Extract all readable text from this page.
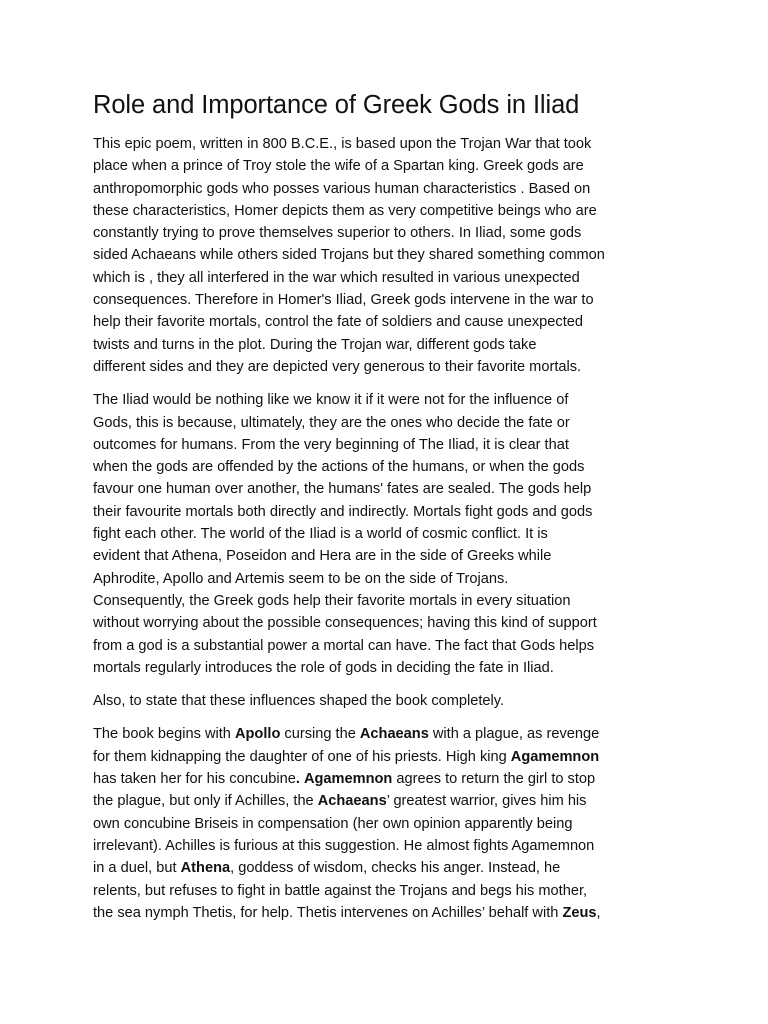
Role and Importance of Greek Gods in Iliad

This epic poem, written in 800 B.C.E., is based upon the Trojan War that took
place when a prince of Troy stole the wife of a Spartan king. Greek gods are
anthropomorphic gods who posses various human characteristics . Based on
these characteristics, Homer depicts them as very competitive beings who are
constantly trying to prove themselves superior to others. In Iliad, some gods
sided Achaeans while others sided Trojans but they shared something common
which is , they all interfered in the war which resulted in various unexpected
consequences. Therefore in Homer's Iliad, Greek gods intervene in the war to
help their favorite mortals, control the fate of soldiers and cause unexpected
twists and turns in the plot. During the Trojan war, different gods take
different sides and they are depicted very generous to their favorite mortals.

The Iliad would be nothing like we know it if it were not for the influence of
Gods, this is because, ultimately, they are the ones who decide the fate or
outcomes for humans. From the very beginning of The Iliad, it is clear that
when the gods are offended by the actions of the humans, or when the gods
favour one human over another, the humans' fates are sealed. The gods help
their favourite mortals both directly and indirectly. Mortals fight gods and gods
fight each other. The world of the Iliad is a world of cosmic conflict. It is
evident that Athena, Poseidon and Hera are in the side of Greeks while
Aphrodite, Apollo and Artemis seem to be on the side of Trojans.
Consequently, the Greek gods help their favorite mortals in every situation
without worrying about the possible consequences; having this kind of support
from a god is a substantial power a mortal can have. The fact that Gods helps
mortals regularly introduces the role of gods in deciding the fate in Iliad.

Also, to state that these influences shaped the book completely.

The book begins with Apollo cursing the Achaeans with a plague, as revenge
for them kidnapping the daughter of one of his priests. High king Agamemnon
has taken her for his concubine. Agamemnon agrees to return the girl to stop
the plague, but only if Achilles, the Achaeans’ greatest warrior, gives him his
own concubine Briseis in compensation (her own opinion apparently being
irrelevant). Achilles is furious at this suggestion. He almost fights Agamemnon
in a duel, but Athena, goddess of wisdom, checks his anger. Instead, he
relents, but refuses to fight in battle against the Trojans and begs his mother,
the sea nymph Thetis, for help. Thetis intervenes on Achilles’ behalf with Zeus,
